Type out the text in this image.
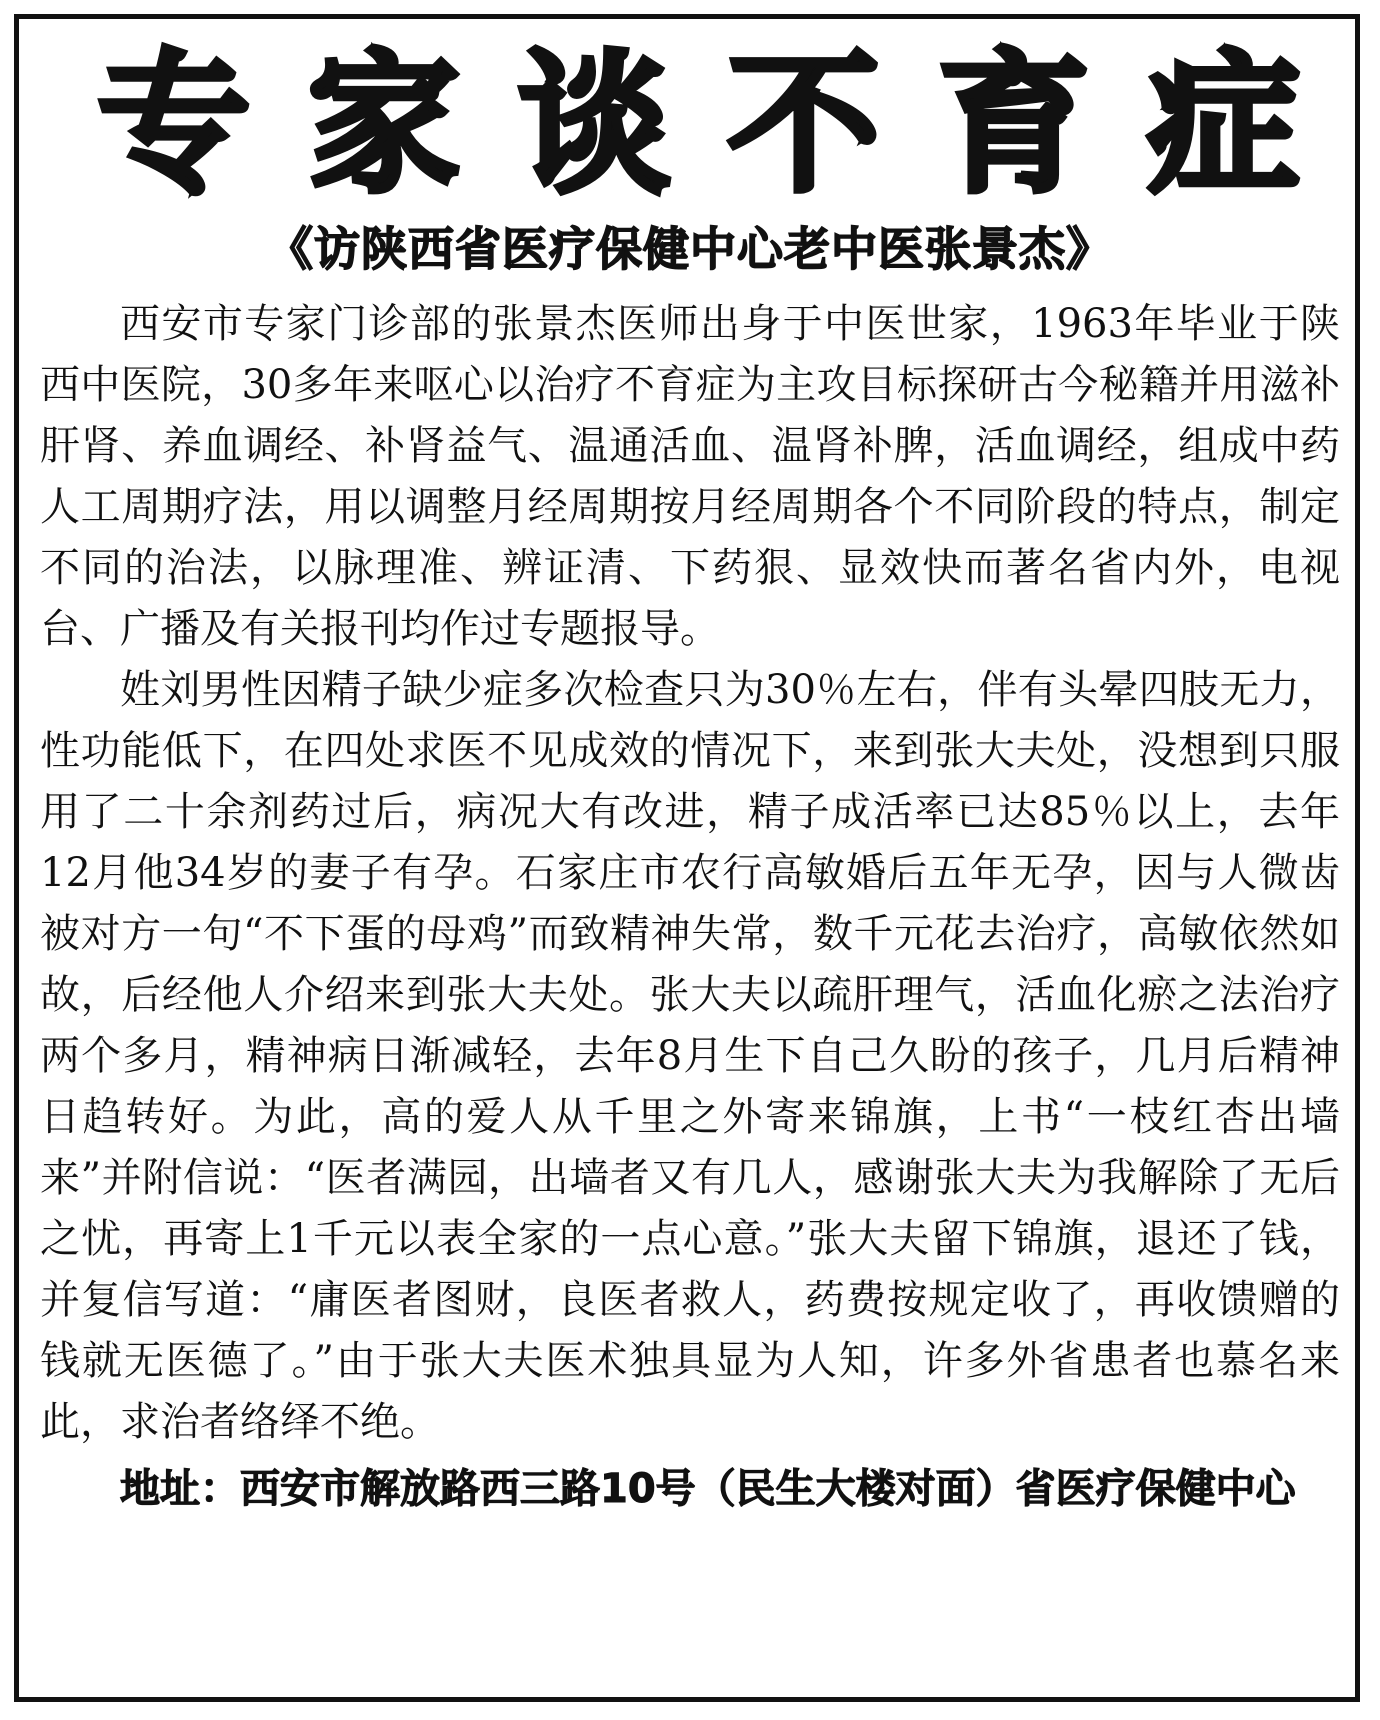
专家谈不育症
《访陕西省医疗保健中心老中医张景杰》

西安市专家门诊部的张景杰医师出身于中医世家，1963年毕业于陕西中医院，30多年来呕心以治疗不育症为主攻目标探研古今秘籍并用滋补肝肾、养血调经、补肾益气、温通活血、温肾补脾，活血调经，组成中药人工周期疗法，用以调整月经周期按月经周期各个不同阶段的特点，制定不同的治法，以脉理准、辨证清、下药狠、显效快而著名省内外，电视台、广播及有关报刊均作过专题报导。

姓刘男性因精子缺少症多次检查只为30％左右，伴有头晕四肢无力，性功能低下，在四处求医不见成效的情况下，来到张大夫处，没想到只服用了二十余剂药过后，病况大有改进，精子成活率已达85％以上，去年12月他34岁的妻子有孕。石家庄市农行高敏婚后五年无孕，因与人微齿被对方一句“不下蛋的母鸡”而致精神失常，数千元花去治疗，高敏依然如故，后经他人介绍来到张大夫处。张大夫以疏肝理气，活血化瘀之法治疗两个多月，精神病日渐减轻，去年8月生下自己久盼的孩子，几月后精神日趋转好。为此，高的爱人从千里之外寄来锦旗，上书“一枝红杏出墙来”并附信说：“医者满园，出墙者又有几人，感谢张大夫为我解除了无后之忧，再寄上1千元以表全家的一点心意。”张大夫留下锦旗，退还了钱，并复信写道：“庸医者图财，良医者救人，药费按规定收了，再收馈赠的钱就无医德了。”由于张大夫医术独具显为人知，许多外省患者也慕名来此，求治者络绎不绝。

地址：西安市解放路西三路10号（民生大楼对面）省医疗保健中心
